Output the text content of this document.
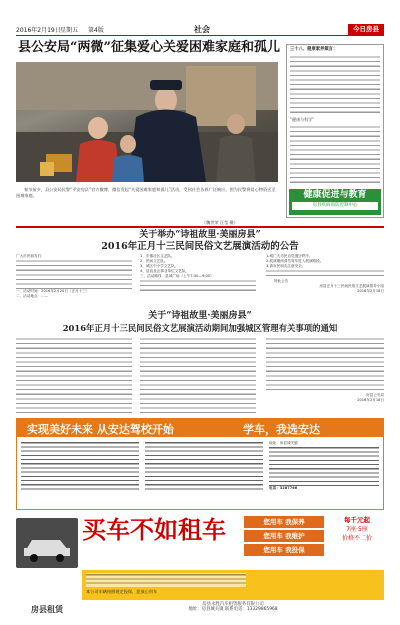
2016年2月19日 星期五 第4版	社会	今日房县
县公安局“两微”征集爱心关爱困难家庭和孤儿
春节前夕，县公安局民警“平安房县”官方微博、微信发起“关爱困难家庭和孤儿”活动，受到社会各界广泛响应。图为民警将爱心物资送至困难家庭。
（魏世荣 汪莹 摄）
三十八、健康素养箴言：
“健康与科学”
健康促进与教育
房县疾病预防控制中心
关于举办“诗祖故里·美丽房县”
2016年正月十三民间民俗文艺展演活动的公告
广大市民朋友们：
一、活动时间：2016年2月20日（正月十三）
二、活动地点：……
1、乡镇社区文艺队。
2、民间文艺队。
3、城区中小学文艺队。
4、县直及企事业单位文艺队。
三、活动路线：县城广场（上午7:30—9:00）
1.城广大市民自觉遵守秩序。
2.展演期间请勿驾车进入展演路段。
3.请市民朋友注意安全。
特此公告
房县正月十三民间民俗文艺展演领导小组
2016年2月18日
关于“诗祖故里·美丽房县”
2016年正月十三民间民俗文艺展演活动期间加强城区管理有关事项的通知
房县公安局
2016年2月18日
实现美好未来 从安达驾校开始	学车，我选安达
地址：房县城关镇
电话：3287766
房县租赁
买车不如租车	您用车 我保养
您用车 我维护
您用车 我投保
每千元起
7座·5座
价格不二价
本公司车辆按照规定投保，您放心用车
房县永胜汽车租赁服务有限公司
地址：房县城关镇 联系电话：13329865968
